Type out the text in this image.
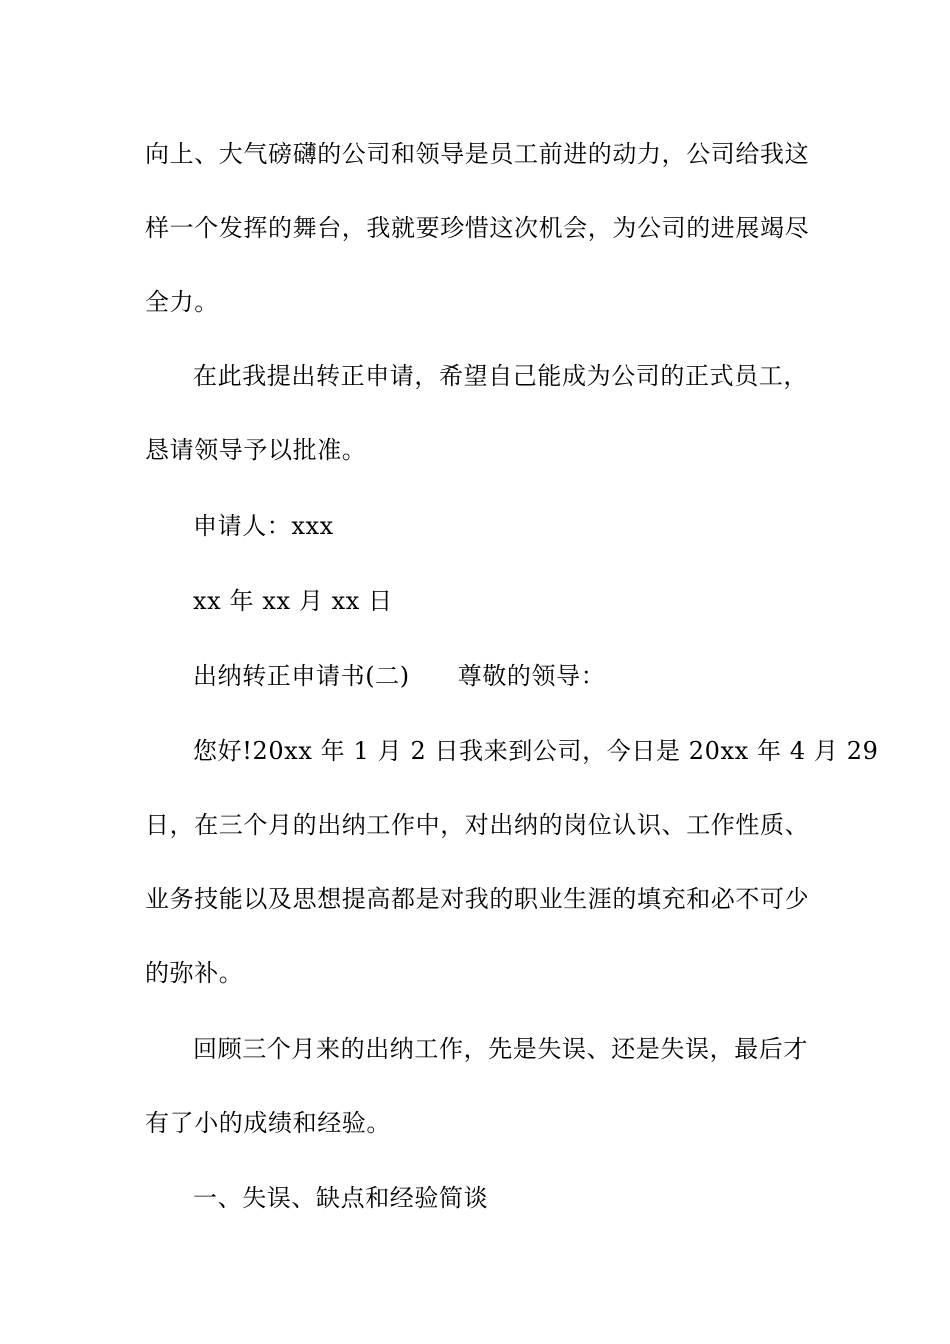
向上、大气磅礴的公司和领导是员工前进的动力，公司给我这
样一个发挥的舞台，我就要珍惜这次机会，为公司的进展竭尽
全力。
在此我提出转正申请，希望自己能成为公司的正式员工，
恳请领导予以批准。
申请人：xxx
xx 年 xx 月 xx 日
出纳转正申请书(二) 尊敬的领导：
您好!20xx 年 1 月 2 日我来到公司，今日是 20xx 年 4 月 29
日，在三个月的出纳工作中，对出纳的岗位认识、工作性质、
业务技能以及思想提高都是对我的职业生涯的填充和必不可少
的弥补。
回顾三个月来的出纳工作，先是失误、还是失误，最后才
有了小的成绩和经验。
一、失误、缺点和经验简谈
